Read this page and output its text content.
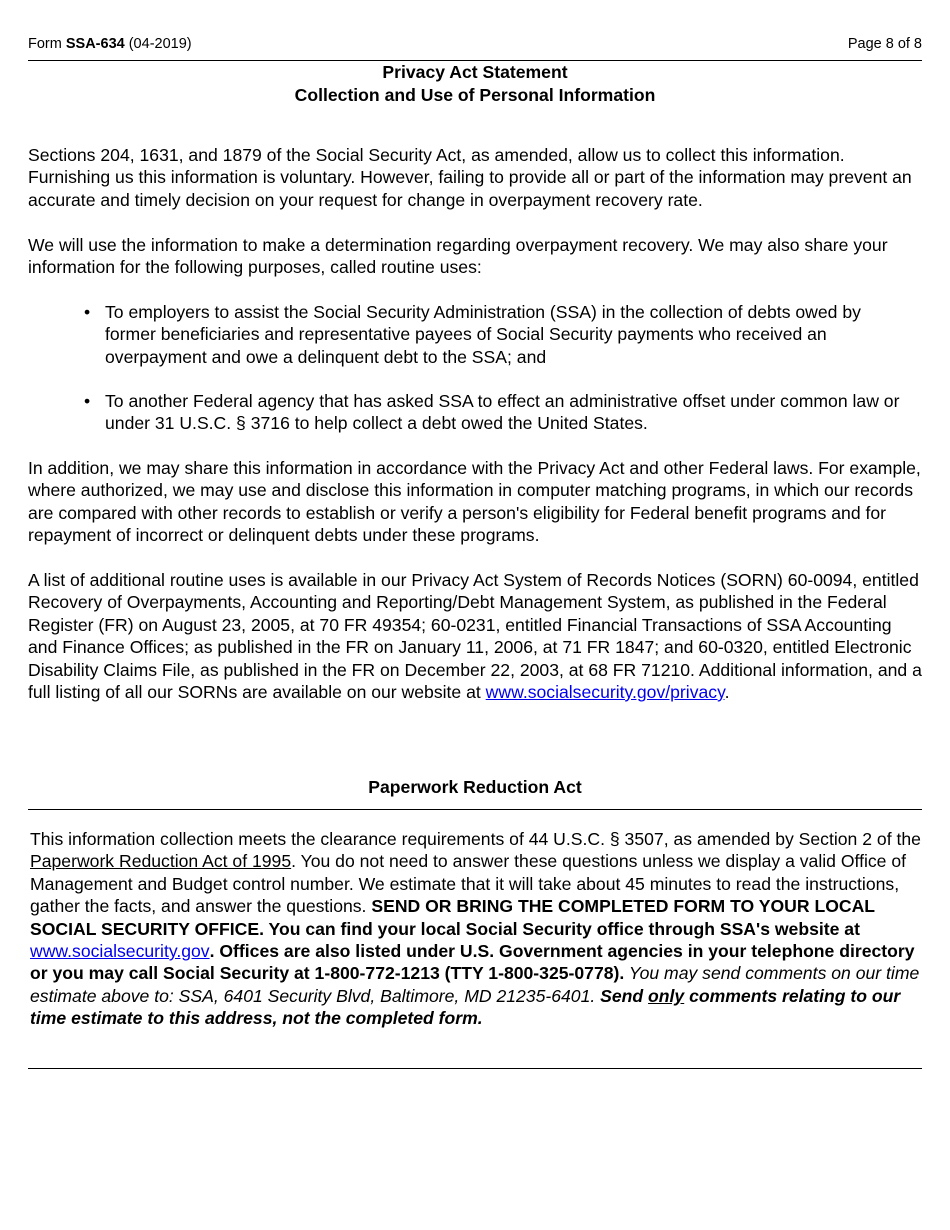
Form SSA-634 (04-2019)	Page 8 of 8
Privacy Act Statement
Collection and Use of Personal Information
Sections 204, 1631, and 1879 of the Social Security Act, as amended, allow us to collect this information. Furnishing us this information is voluntary. However, failing to provide all or part of the information may prevent an accurate and timely decision on your request for change in overpayment recovery rate.
We will use the information to make a determination regarding overpayment recovery. We may also share your information for the following purposes, called routine uses:
• To employers to assist the Social Security Administration (SSA) in the collection of debts owed by former beneficiaries and representative payees of Social Security payments who received an overpayment and owe a delinquent debt to the SSA; and
• To another Federal agency that has asked SSA to effect an administrative offset under common law or under 31 U.S.C. § 3716 to help collect a debt owed the United States.
In addition, we may share this information in accordance with the Privacy Act and other Federal laws. For example, where authorized, we may use and disclose this information in computer matching programs, in which our records are compared with other records to establish or verify a person's eligibility for Federal benefit programs and for repayment of incorrect or delinquent debts under these programs.
A list of additional routine uses is available in our Privacy Act System of Records Notices (SORN) 60-0094, entitled Recovery of Overpayments, Accounting and Reporting/Debt Management System, as published in the Federal Register (FR) on August 23, 2005, at 70 FR 49354; 60-0231, entitled Financial Transactions of SSA Accounting and Finance Offices; as published in the FR on January 11, 2006, at 71 FR 1847; and 60-0320, entitled Electronic Disability Claims File, as published in the FR on December 22, 2003, at 68 FR 71210. Additional information, and a full listing of all our SORNs are available on our website at www.socialsecurity.gov/privacy.
Paperwork Reduction Act
This information collection meets the clearance requirements of 44 U.S.C. § 3507, as amended by Section 2 of the Paperwork Reduction Act of 1995. You do not need to answer these questions unless we display a valid Office of Management and Budget control number. We estimate that it will take about 45 minutes to read the instructions, gather the facts, and answer the questions. SEND OR BRING THE COMPLETED FORM TO YOUR LOCAL SOCIAL SECURITY OFFICE. You can find your local Social Security office through SSA's website at www.socialsecurity.gov. Offices are also listed under U.S. Government agencies in your telephone directory or you may call Social Security at 1-800-772-1213 (TTY 1-800-325-0778). You may send comments on our time estimate above to: SSA, 6401 Security Blvd, Baltimore, MD 21235-6401. Send only comments relating to our time estimate to this address, not the completed form.
